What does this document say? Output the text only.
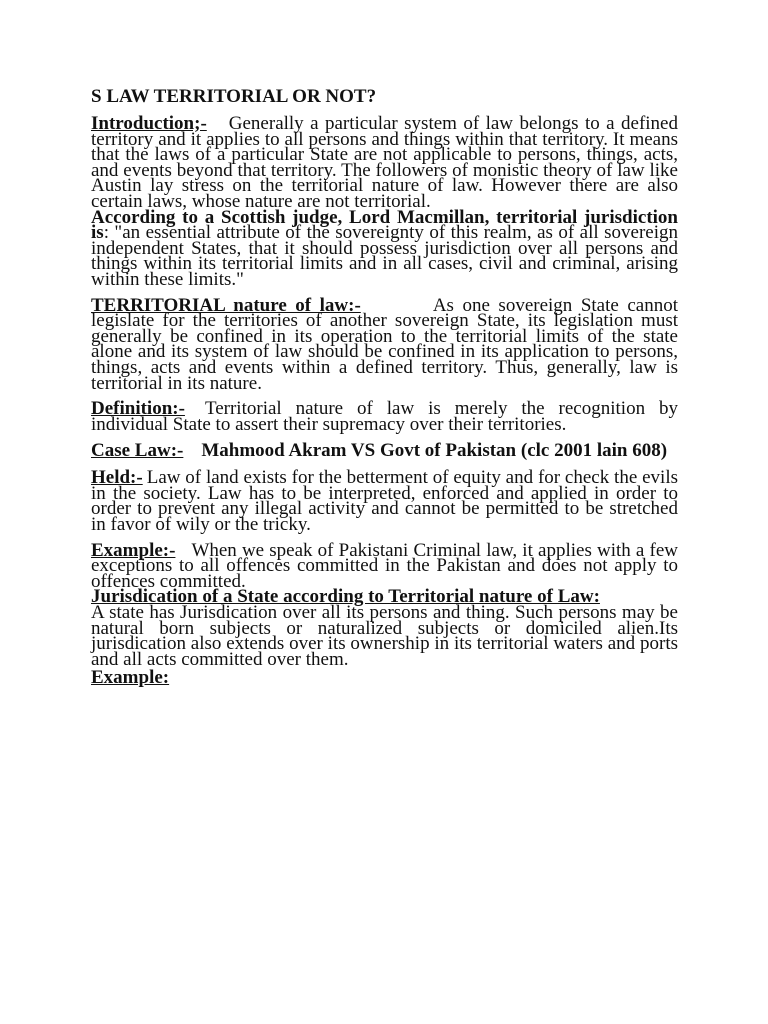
S LAW TERRITORIAL OR NOT?
Introduction;- Generally a particular system of law belongs to a defined territory and it applies to all persons and things within that territory. It means that the laws of a particular State are not applicable to persons, things, acts, and events beyond that territory. The followers of monistic theory of law like Austin lay stress on the territorial nature of law. However there are also certain laws, whose nature are not territorial.
According to a Scottish judge, Lord Macmillan, territorial jurisdiction is: "an essential attribute of the sovereignty of this realm, as of all sovereign independent States, that it should possess jurisdiction over all persons and things within its territorial limits and in all cases, civil and criminal, arising within these limits."
TERRITORIAL nature of law:-	As one sovereign State cannot legislate for the territories of another sovereign State, its legislation must generally be confined in its operation to the territorial limits of the state alone and its system of law should be confined in its application to persons, things, acts and events within a defined territory. Thus, generally, law is territorial in its nature.
Definition:- Territorial nature of law is merely the recognition by individual State to assert their supremacy over their territories.
Case Law:- Mahmood Akram VS Govt of Pakistan (clc 2001 lain 608)
Held:- Law of land exists for the betterment of equity and for check the evils in the society. Law has to be interpreted, enforced and applied in order to order to prevent any illegal activity and cannot be permitted to be stretched in favor of wily or the tricky.
Example:- When we speak of Pakistani Criminal law, it applies with a few exceptions to all offences committed in the Pakistan and does not apply to offences committed.
Jurisdication of a State according to Territorial nature of Law:
A state has Jurisdication over all its persons and thing. Such persons may be natural born subjects or naturalized subjects or domiciled alien.Its jurisdication also extends over its ownership in its territorial waters and ports and all acts committed over them.
Example:
